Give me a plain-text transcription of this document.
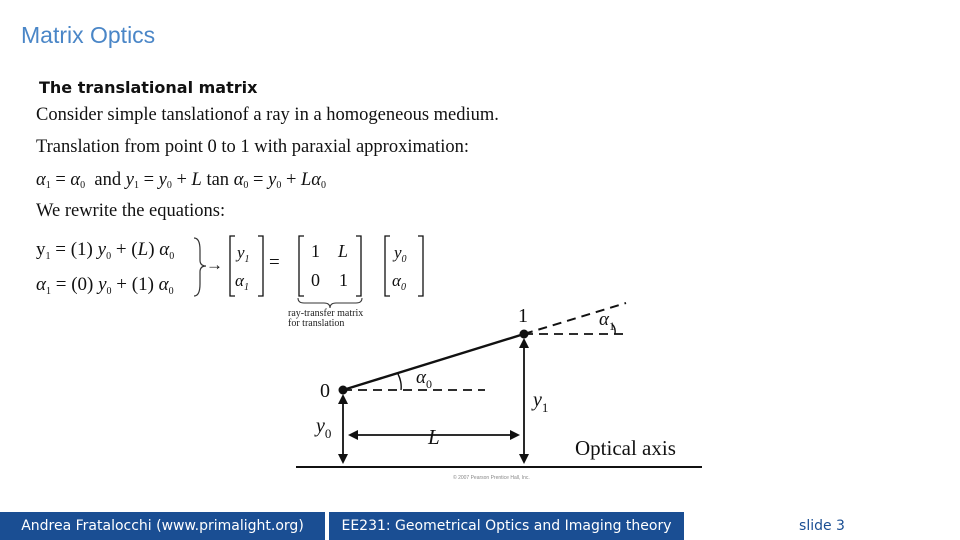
Matrix Optics
The translational matrix
Consider simple tanslationof a ray in a homogeneous medium.
Translation from point 0 to 1 with paraxial approximation:
$\alpha_1 = \alpha_0$  and $y_1 = y_0 + L$ $\tan \alpha_0 = y_0 + L\alpha_0$
We rewrite the equations:
$y_1 = (1) y_0 + (L)$ $\alpha_0$
$\alpha_1 = (0) y_0 + (1)$ $\alpha_0$
→
$y_1$
$\alpha_1$
=
1 L
0 1
$y_0$
$\alpha_0$
ray-transfer matrix
for translation
0
1
$\alpha_0$
$\alpha_1$
$y_0$
$y_1$
L	Optical axis
© 2007 Pearson Prentice Hall, Inc.
Andrea Fratalocchi (www.primalight.org)	EE231: Geometrical Optics and Imaging theory	slide 3
